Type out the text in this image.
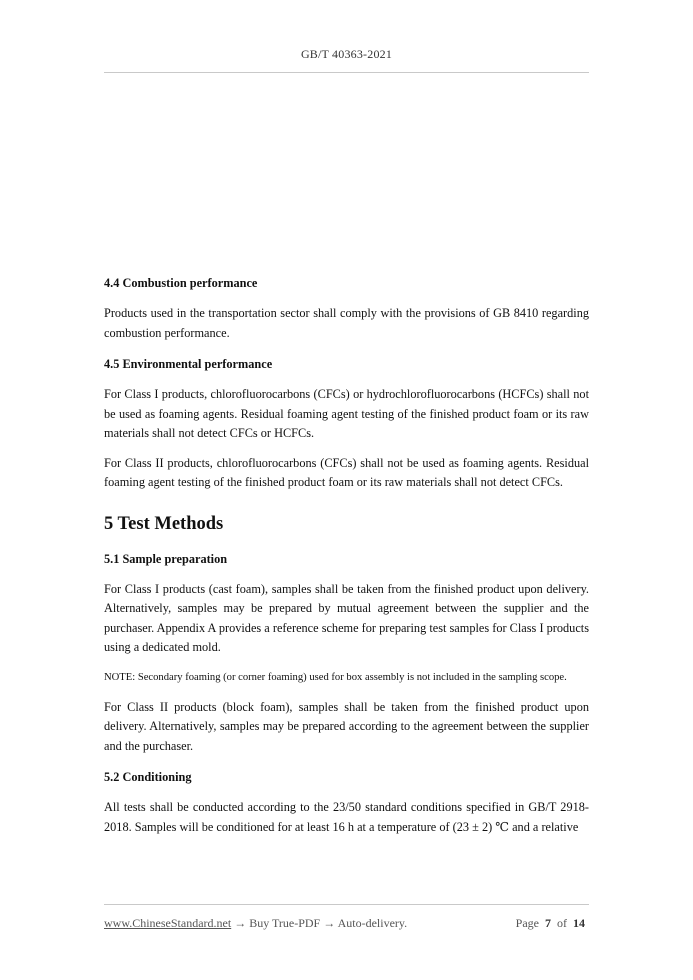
GB/T 40363-2021

4.4 Combustion performance

Products used in the transportation sector shall comply with the provisions of GB 8410 regarding combustion performance.

4.5 Environmental performance

For Class I products, chlorofluorocarbons (CFCs) or hydrochlorofluorocarbons (HCFCs) shall not be used as foaming agents. Residual foaming agent testing of the finished product foam or its raw materials shall not detect CFCs or HCFCs.

For Class II products, chlorofluorocarbons (CFCs) shall not be used as foaming agents. Residual foaming agent testing of the finished product foam or its raw materials shall not detect CFCs.

5 Test Methods

5.1 Sample preparation

For Class I products (cast foam), samples shall be taken from the finished product upon delivery. Alternatively, samples may be prepared by mutual agreement between the supplier and the purchaser. Appendix A provides a reference scheme for preparing test samples for Class I products using a dedicated mold.

NOTE: Secondary foaming (or corner foaming) used for box assembly is not included in the sampling scope.

For Class II products (block foam), samples shall be taken from the finished product upon delivery. Alternatively, samples may be prepared according to the agreement between the supplier and the purchaser.

5.2 Conditioning

All tests shall be conducted according to the 23/50 standard conditions specified in GB/T 2918-2018. Samples will be conditioned for at least 16 h at a temperature of (23 ± 2) ℃ and a relative

www.ChineseStandard.net → Buy True-PDF → Auto-delivery.	Page 7 of 14
